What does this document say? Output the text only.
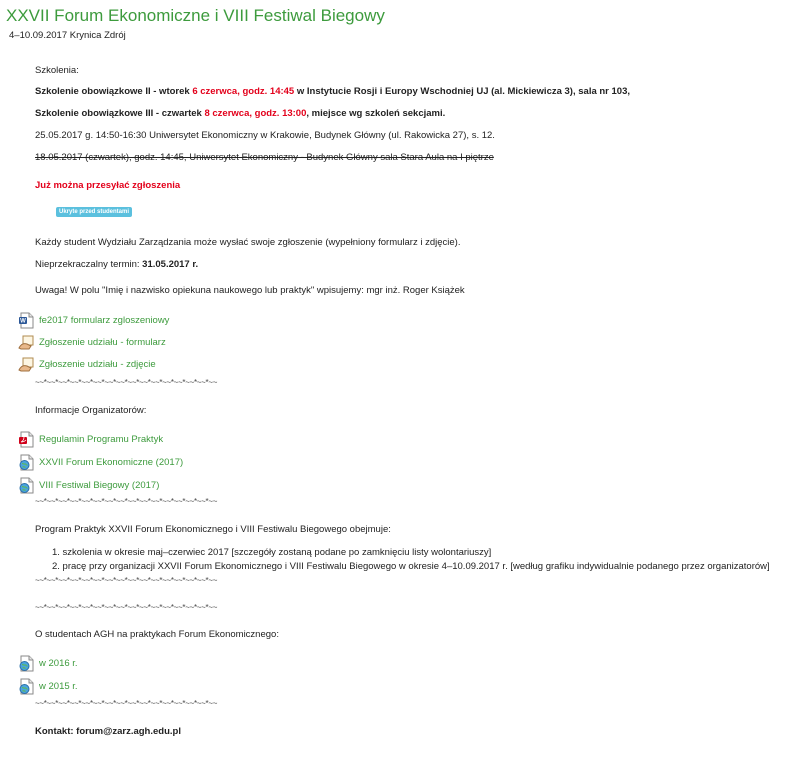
XXVII Forum Ekonomiczne i VIII Festiwal Biegowy
4–10.09.2017 Krynica Zdrój
Szkolenia:
Szkolenie obowiązkowe II - wtorek 6 czerwca, godz. 14:45 w Instytucie Rosji i Europy Wschodniej UJ (al. Mickiewicza 3), sala nr 103,
Szkolenie obowiązkowe III - czwartek 8 czerwca, godz. 13:00, miejsce wg szkoleń sekcjami.
25.05.2017 g. 14:50-16:30 Uniwersytet Ekonomiczny w Krakowie, Budynek Główny (ul. Rakowicka 27), s. 12.
18.05.2017 (czwartek), godz. 14:45, Uniwersytet Ekonomiczny - Budynek Główny sala Stara Aula na I piętrze
Już można przesyłać zgłoszenia
Ukryte przed studentami
Każdy student Wydziału Zarządzania może wysłać swoje zgłoszenie (wypełniony formularz i zdjęcie).
Nieprzekraczalny termin: 31.05.2017 r.
Uwaga! W polu "Imię i nazwisko opiekuna naukowego lub praktyk" wpisujemy: mgr inż. Roger Książek
W fe2017 formularz zgloszeniowy
Zgłoszenie udziału - formularz
Zgłoszenie udziału - zdjęcie
~~*~~*~~*~~*~~*~~*~~*~~*~~*~~*~~*~~*~~*~~*~~*~~
Informacje Organizatorów:
Regulamin Programu Praktyk
XXVII Forum Ekonomiczne (2017)
VIII Festiwal Biegowy (2017)
~~*~~*~~*~~*~~*~~*~~*~~*~~*~~*~~*~~*~~*~~*~~*~~
Program Praktyk XXVII Forum Ekonomicznego i VIII Festiwalu Biegowego obejmuje:
1. szkolenia w okresie maj–czerwiec 2017 [szczegóły zostaną podane po zamknięciu listy wolontariuszy]
2. pracę przy organizacji XXVII Forum Ekonomicznego i VIII Festiwalu Biegowego w okresie 4–10.09.2017 r. [według grafiku indywidualnie podanego przez organizatorów]
~~*~~*~~*~~*~~*~~*~~*~~*~~*~~*~~*~~*~~*~~*~~*~~
~~*~~*~~*~~*~~*~~*~~*~~*~~*~~*~~*~~*~~*~~*~~*~~
O studentach AGH na praktykach Forum Ekonomicznego:
w 2016 r.
w 2015 r.
~~*~~*~~*~~*~~*~~*~~*~~*~~*~~*~~*~~*~~*~~*~~*~~
Kontakt: forum@zarz.agh.edu.pl
